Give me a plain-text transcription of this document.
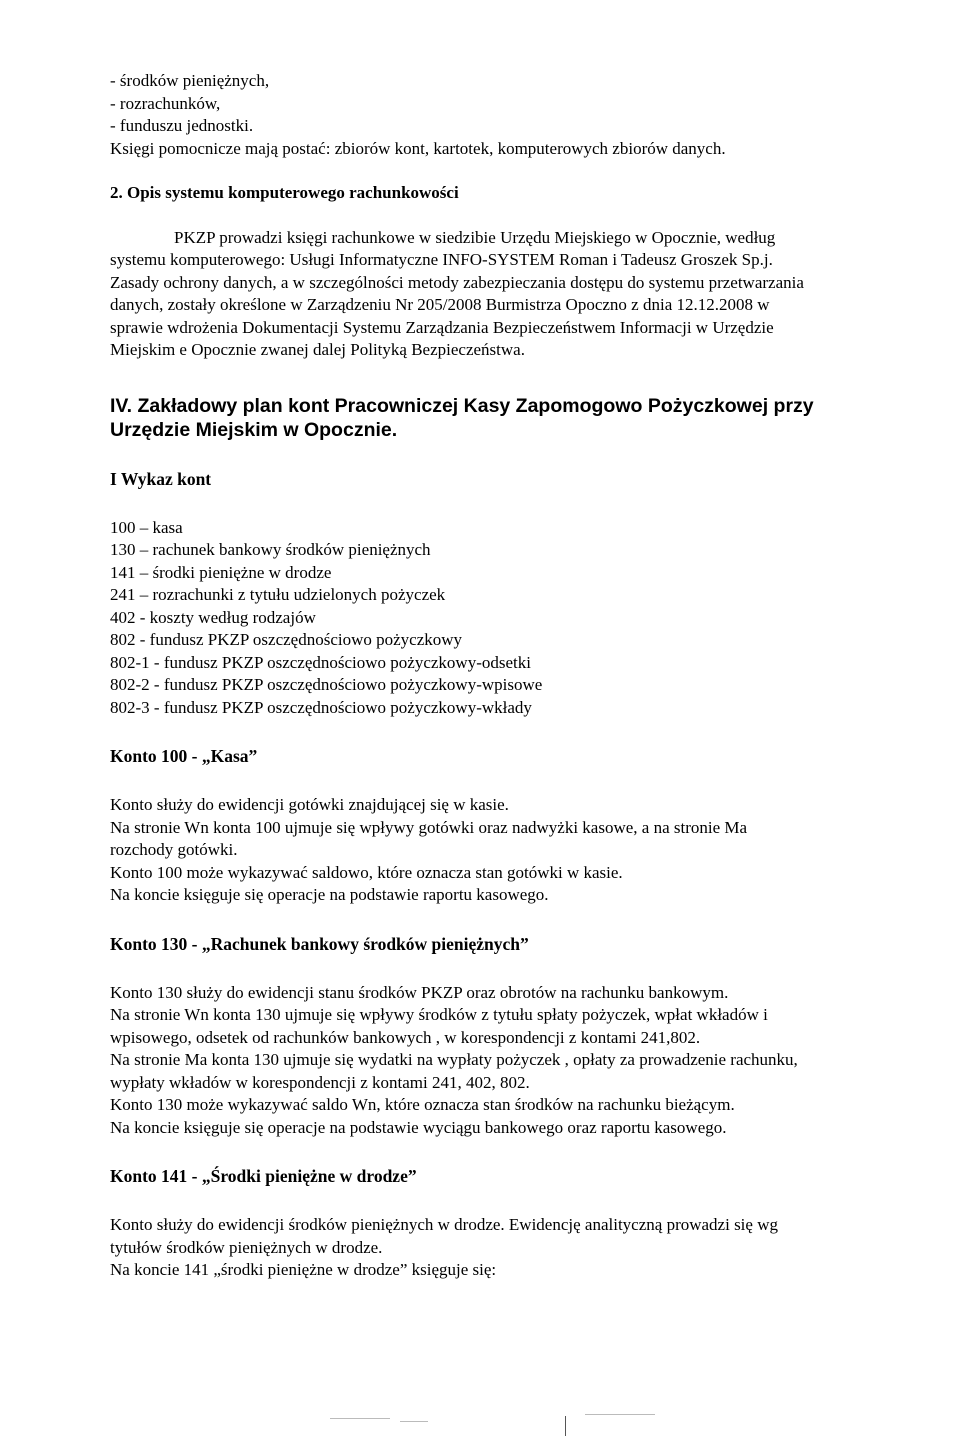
- środków pieniężnych,
- rozrachunków,
- funduszu jednostki.
Księgi pomocnicze mają postać: zbiorów kont, kartotek, komputerowych zbiorów danych.
2. Opis systemu komputerowego rachunkowości
PKZP prowadzi księgi rachunkowe w siedzibie Urzędu Miejskiego w Opocznie, według
systemu komputerowego: Usługi Informatyczne INFO-SYSTEM Roman i Tadeusz Groszek Sp.j.
Zasady ochrony danych, a w szczególności metody zabezpieczania dostępu do systemu przetwarzania
danych, zostały określone w Zarządzeniu Nr 205/2008 Burmistrza Opoczno z dnia 12.12.2008 w
sprawie wdrożenia Dokumentacji Systemu Zarządzania Bezpieczeństwem Informacji w Urzędzie
Miejskim e Opocznie zwanej dalej Polityką Bezpieczeństwa.
IV. Zakładowy plan kont Pracowniczej Kasy Zapomogowo Pożyczkowej przy
Urzędzie Miejskim w Opocznie.
I Wykaz kont
100 – kasa
130 – rachunek bankowy środków pieniężnych
141 – środki pieniężne w drodze
241 – rozrachunki z tytułu udzielonych pożyczek
402 - koszty według rodzajów
802 - fundusz PKZP oszczędnościowo pożyczkowy
802-1 - fundusz PKZP oszczędnościowo pożyczkowy-odsetki
802-2 - fundusz PKZP oszczędnościowo pożyczkowy-wpisowe
802-3 - fundusz PKZP oszczędnościowo pożyczkowy-wkłady
Konto 100 - „Kasa”
Konto służy do ewidencji gotówki znajdującej się w kasie.
Na stronie Wn konta 100 ujmuje się wpływy gotówki oraz nadwyżki kasowe, a na stronie Ma
rozchody gotówki.
Konto 100 może wykazywać saldowo, które oznacza stan gotówki w kasie.
Na koncie księguje się operacje na podstawie raportu kasowego.
Konto 130 - „Rachunek bankowy środków pieniężnych”
Konto 130 służy do ewidencji stanu środków PKZP oraz obrotów na rachunku bankowym.
Na stronie Wn konta 130 ujmuje się wpływy środków z tytułu spłaty pożyczek, wpłat wkładów i
wpisowego, odsetek od rachunków bankowych , w korespondencji z kontami 241,802.
Na stronie Ma konta 130 ujmuje się wydatki na wypłaty pożyczek , opłaty za prowadzenie rachunku,
wypłaty wkładów w korespondencji z kontami 241, 402, 802.
Konto 130 może wykazywać saldo Wn, które oznacza stan środków na rachunku bieżącym.
Na koncie księguje się operacje na podstawie wyciągu bankowego oraz raportu kasowego.
Konto 141 - „Środki pieniężne w drodze”
Konto służy do ewidencji środków pieniężnych w drodze. Ewidencję analityczną prowadzi się wg
tytułów środków pieniężnych w drodze.
Na koncie 141 „środki pieniężne w drodze” księguje się:
